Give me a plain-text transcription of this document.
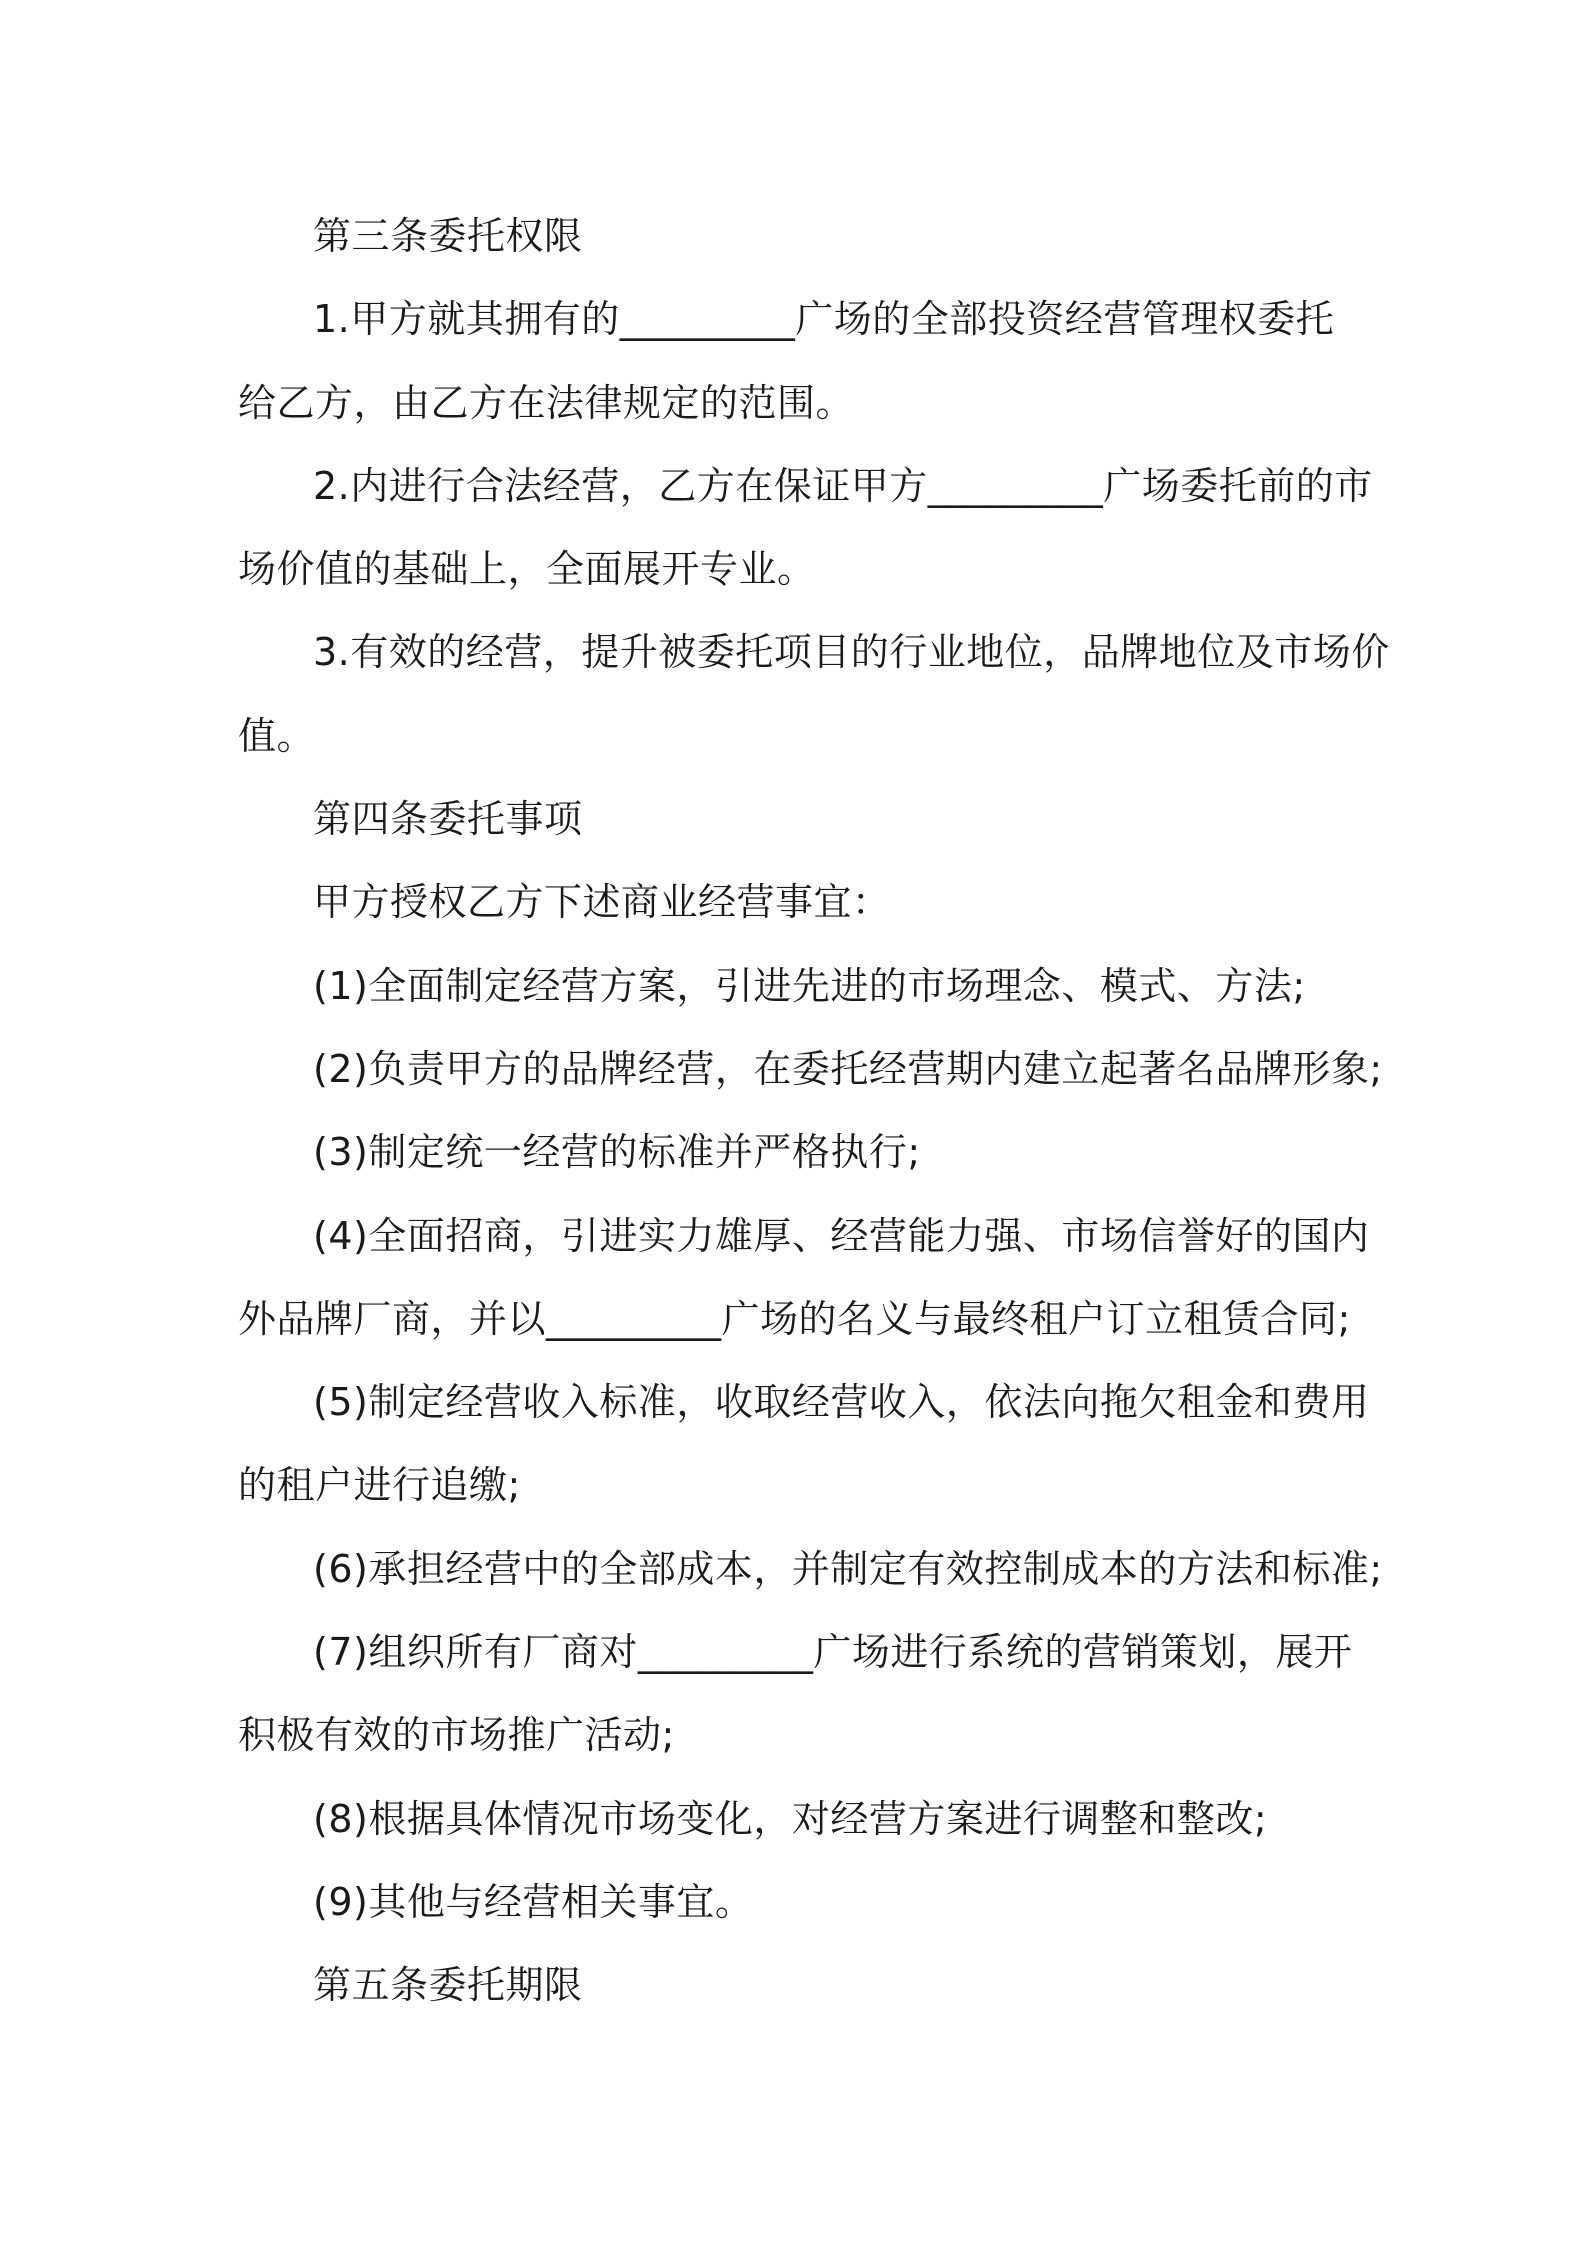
第三条委托权限
1.甲方就其拥有的_________广场的全部投资经营管理权委托
给乙方，由乙方在法律规定的范围。
2.内进行合法经营，乙方在保证甲方_________广场委托前的市
场价值的基础上，全面展开专业。
3.有效的经营，提升被委托项目的行业地位，品牌地位及市场价
值。
第四条委托事项
甲方授权乙方下述商业经营事宜：
(1)全面制定经营方案，引进先进的市场理念、模式、方法;
(2)负责甲方的品牌经营，在委托经营期内建立起著名品牌形象;
(3)制定统一经营的标准并严格执行;
(4)全面招商，引进实力雄厚、经营能力强、市场信誉好的国内
外品牌厂商，并以_________广场的名义与最终租户订立租赁合同;
(5)制定经营收入标准，收取经营收入，依法向拖欠租金和费用
的租户进行追缴;
(6)承担经营中的全部成本，并制定有效控制成本的方法和标准;
(7)组织所有厂商对_________广场进行系统的营销策划，展开
积极有效的市场推广活动;
(8)根据具体情况市场变化，对经营方案进行调整和整改;
(9)其他与经营相关事宜。
第五条委托期限
